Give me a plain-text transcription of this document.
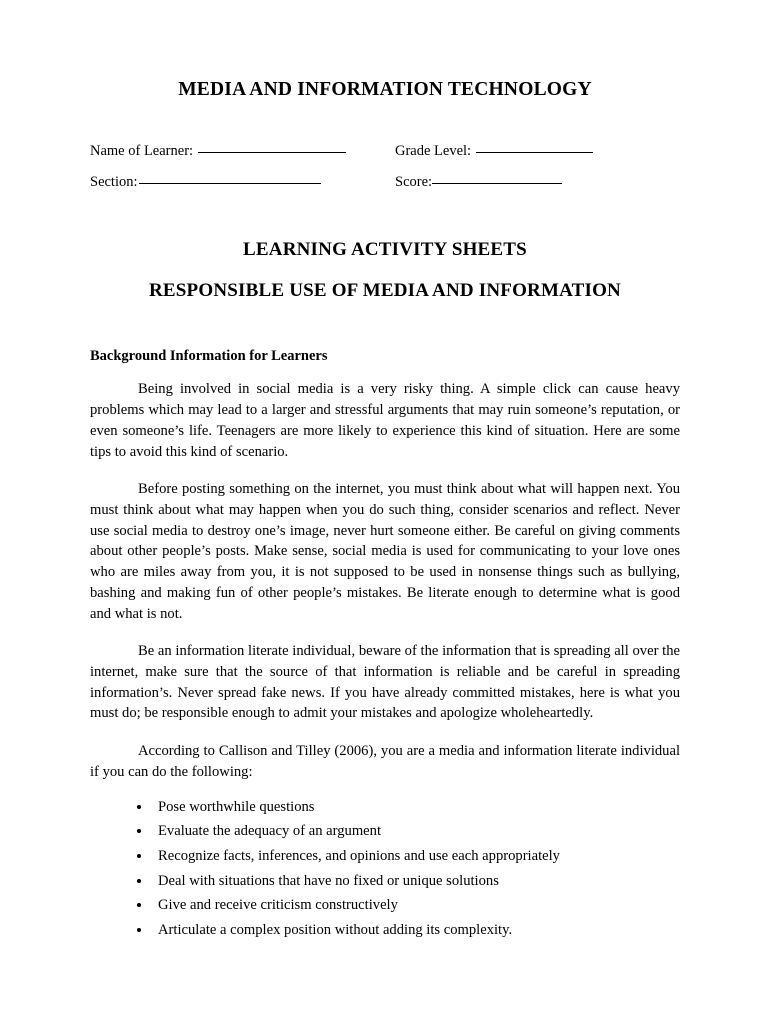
MEDIA AND INFORMATION TECHNOLOGY
Name of Learner:	Grade Level:
Section:	Score:
LEARNING ACTIVITY SHEETS
RESPONSIBLE USE OF MEDIA AND INFORMATION
Background Information for Learners

Being involved in social media is a very risky thing. A simple click can cause heavy problems which may lead to a larger and stressful arguments that may ruin someone’s reputation, or even someone’s life. Teenagers are more likely to experience this kind of situation. Here are some tips to avoid this kind of scenario.

Before posting something on the internet, you must think about what will happen next. You must think about what may happen when you do such thing, consider scenarios and reflect. Never use social media to destroy one’s image, never hurt someone either. Be careful on giving comments about other people’s posts. Make sense, social media is used for communicating to your love ones who are miles away from you, it is not supposed to be used in nonsense things such as bullying, bashing and making fun of other people’s mistakes. Be literate enough to determine what is good and what is not.

Be an information literate individual, beware of the information that is spreading all over the internet, make sure that the source of that information is reliable and be careful in spreading information’s. Never spread fake news. If you have already committed mistakes, here is what you must do; be responsible enough to admit your mistakes and apologize wholeheartedly.

According to Callison and Tilley (2006), you are a media and information literate individual if you can do the following:

• Pose worthwhile questions
• Evaluate the adequacy of an argument
• Recognize facts, inferences, and opinions and use each appropriately
• Deal with situations that have no fixed or unique solutions
• Give and receive criticism constructively
• Articulate a complex position without adding its complexity.
